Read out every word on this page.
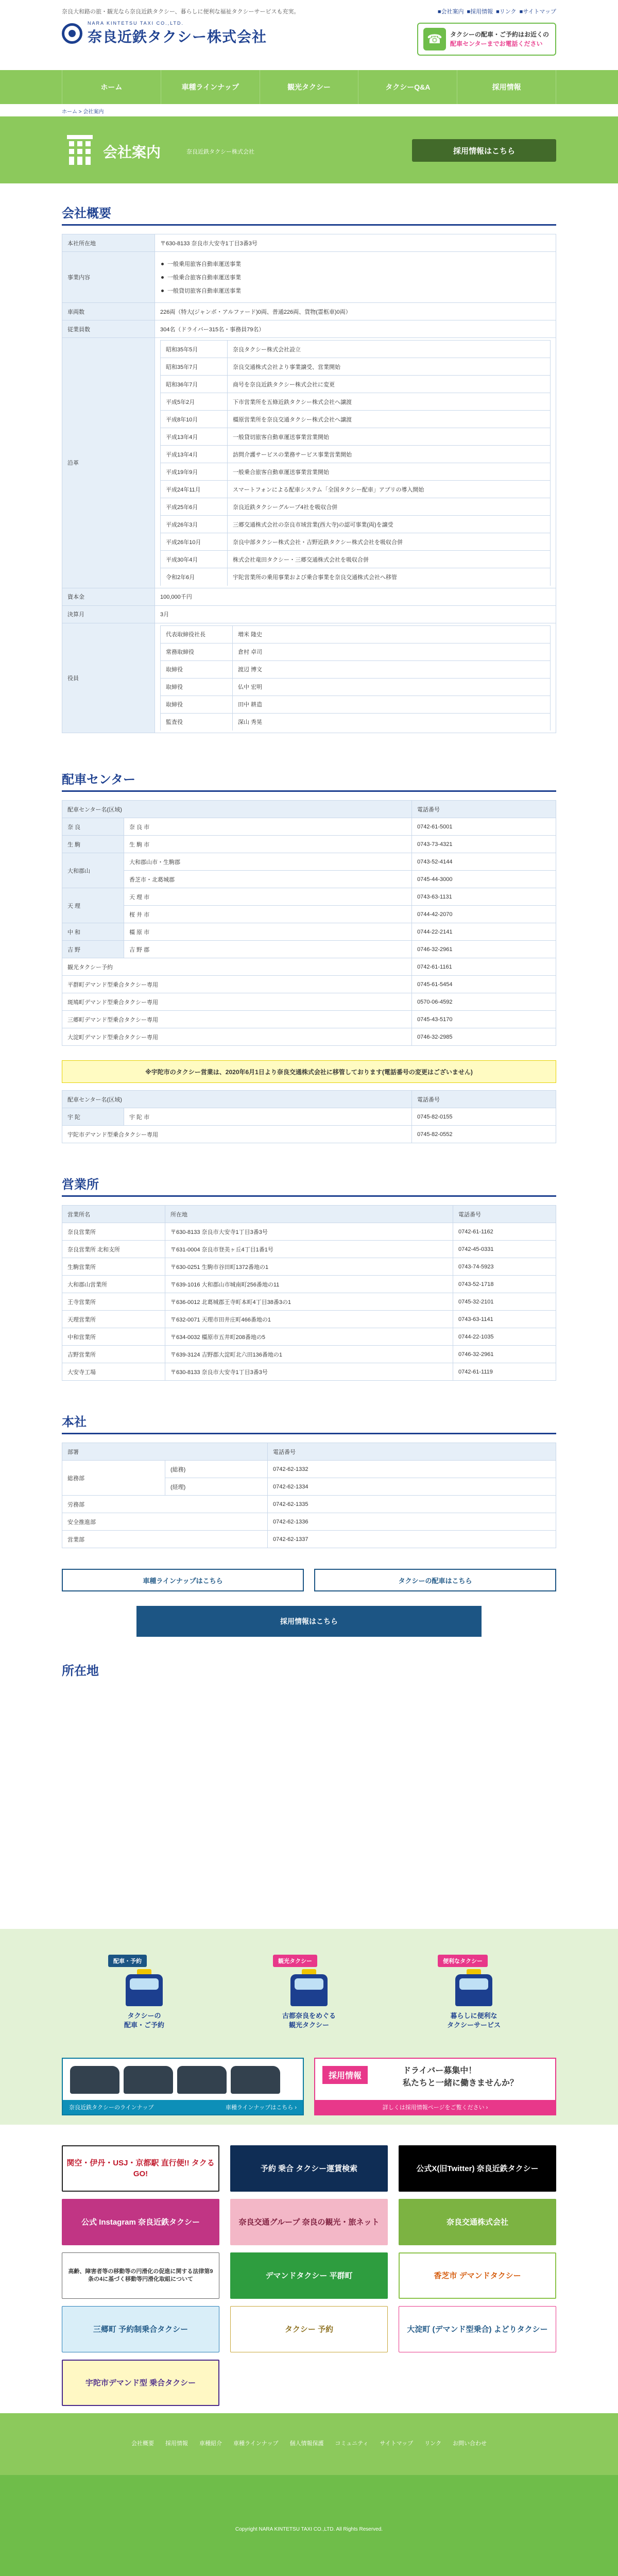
奈良大和路の旅・観光なら奈良近鉄タクシー、暮らしに便利な福祉タクシーサービスも充実。	■会社案内 ■採用情報 ■リンク ■サイトマップ
NARA KINTETSU TAXI CO.,LTD.
奈良近鉄タクシー株式会社	☎	タクシーの配車・ご予約はお近くの
配車センターまでお電話ください
ホーム	車種ラインナップ	観光タクシー	タクシーQ&A	採用情報
ホーム > 会社案内
会社案内	奈良近鉄タクシー株式会社	採用情報はこちら
会社概要
本社所在地	〒630-8133 奈良市大安寺1丁目3番3号
事業内容	
一般乗用旅客自動車運送事業
一般乗合旅客自動車運送事業
一般貸切旅客自動車運送事業

車両数	226両（特大(ジャンボ・アルファード)0両、普通226両、貨物(霊柩車)0両）
従業員数	304名（ドライバー315名・事務員79名）
沿革	
昭和35年5月	奈良タクシー株式会社設立
昭和35年7月	奈良交通株式会社より事業譲受、営業開始
昭和36年7月	商号を奈良近鉄タクシー株式会社に変更
平成5年2月	下市営業所を五條近鉄タクシー株式会社へ譲渡
平成8年10月	橿原営業所を奈良交通タクシー株式会社へ譲渡
平成13年4月	一般貸切旅客自動車運送事業営業開始
平成13年4月	訪問介護サービスの業務サービス事業営業開始
平成19年9月	一般乗合旅客自動車運送事業営業開始
平成24年11月	スマートフォンによる配車システム「全国タクシー配車」アプリの導入開始
平成25年6月	奈良近鉄タクシーグループ4社を吸収合併
平成26年3月	三郷交通株式会社の奈良市域営業(西大寺)の認可事業(両)を譲受
平成26年10月	奈良中部タクシー株式会社・吉野近鉄タクシー株式会社を吸収合併
平成30年4月	株式会社竜田タクシー・三郷交通株式会社を吸収合併
令和2年6月	宇陀営業所の乗用事業および乗合事業を奈良交通株式会社へ移管

資本金	100,000千円
決算月	3月
役員	
代表取締役社長	増米 隆史
常務取締役	倉村 卓司
取締役	渡辺 博文
取締役	仏中 宏明
取締役	田中 耕造
監査役	深山 秀晃
配車センター
配車センター名(区域)		電話番号
奈 良	奈 良 市	0742-61-5001
生 駒	生 駒 市	0743-73-4321
大和郡山	大和郡山市・生駒郡	0743-52-4144
	香芝市・北葛城郡	0745-44-3000
天 理	天 理 市	0743-63-1131
	桜 井 市	0744-42-2070
中 和	橿 原 市	0744-22-2141
吉 野	吉 野 郡	0746-32-2961
観光タクシー予約		0742-61-1161
平群町デマンド型乗合タクシー専用		0745-61-5454
斑鳩町デマンド型乗合タクシー専用		0570-06-4592
三郷町デマンド型乗合タクシー専用		0745-43-5170
大淀町デマンド型乗合タクシー専用		0746-32-2985
※宇陀市のタクシー営業は、2020年6月1日より奈良交通株式会社に移管しております(電話番号の変更はございません)
配車センター名(区域)		電話番号
宇 陀	宇 陀 市	0745-82-0155
宇陀市デマンド型乗合タクシー専用		0745-82-0552
営業所
営業所名	所在地	電話番号
奈良営業所	〒630-8133 奈良市大安寺1丁目3番3号	0742-61-1162
奈良営業所 北和支所	〒631-0004 奈良市登美ヶ丘4丁目1番1号	0742-45-0331
生駒営業所	〒630-0251 生駒市谷田町1372番地の1	0743-74-5923
大和郡山営業所	〒639-1016 大和郡山市城南町256番地の11	0743-52-1718
王寺営業所	〒636-0012 北葛城郡王寺町本町4丁目38番3の1	0745-32-2101
天理営業所	〒632-0071 天理市田井庄町466番地の1	0743-63-1141
中和営業所	〒634-0032 橿原市五井町208番地の5	0744-22-1035
吉野営業所	〒639-3124 吉野郡大淀町北六田136番地の1	0746-32-2961
大安寺工場	〒630-8133 奈良市大安寺1丁目3番3号	0742-61-1119
本社
部署		電話番号
総務部	(総務)	0742-62-1332
	(経理)	0742-62-1334
労務部		0742-62-1335
安全推進部		0742-62-1336
営業部		0742-62-1337
車種ラインナップはこちら	タクシーの配車はこちら
採用情報はこちら
所在地
配車・予約
タクシーの
配車・ご予約
観光タクシー
古都奈良をめぐる
観光タクシー
便利なタクシー
暮らしに便利な
タクシーサービス
奈良近鉄タクシーのラインナップ	車種ラインナップはこちら ›
採用情報
ドライバー募集中！
私たちと一緒に働きませんか？
詳しくは採用情報ページをご覧ください ›
関空・伊丹・USJ・京都駅 直行便!! タクるGO!
予約 乗合 タクシー運賃検索	公式X(旧Twitter) 奈良近鉄タクシー
公式 Instagram 奈良近鉄タクシー	奈良交通グループ 奈良の観光・旅ネット	奈良交通株式会社
高齢、障害者等の移動等の円滑化の促進に関する法律第9条の4に基づく移動等円滑化取組について	デマンドタクシー 平群町	香芝市 デマンドタクシー
三郷町 予約制乗合タクシー	タクシー 予約	大淀町 (デマンド型乗合) よどりタクシー
宇陀市デマンド型 乗合タクシー
会社概要 採用情報 車種紹介 車種ラインナップ 個人情報保護 コミュニティ サイトマップ リンク お問い合わせ
Copyright NARA KINTETSU TAXI CO.,LTD. All Rights Reserved.
